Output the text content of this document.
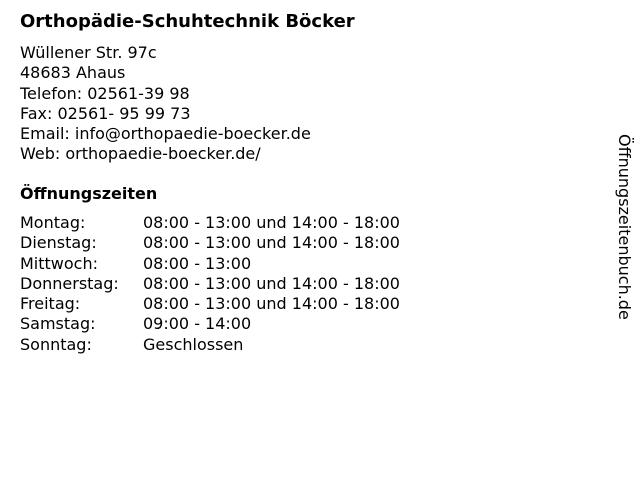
Orthopädie-Schuhtechnik Böcker
Wüllener Str. 97c
48683 Ahaus
Telefon: 02561-39 98
Fax: 02561- 95 99 73
Email: info@orthopaedie-boecker.de
Web: orthopaedie-boecker.de/
Öffnungszeiten
Montag:	08:00 - 13:00 und 14:00 - 18:00
Dienstag:	08:00 - 13:00 und 14:00 - 18:00
Mittwoch:	08:00 - 13:00
Donnerstag: 08:00 - 13:00 und 14:00 - 18:00
Freitag:	08:00 - 13:00 und 14:00 - 18:00
Samstag:	09:00 - 14:00
Sonntag:	Geschlossen
Öffnungszeitenbuch.de
